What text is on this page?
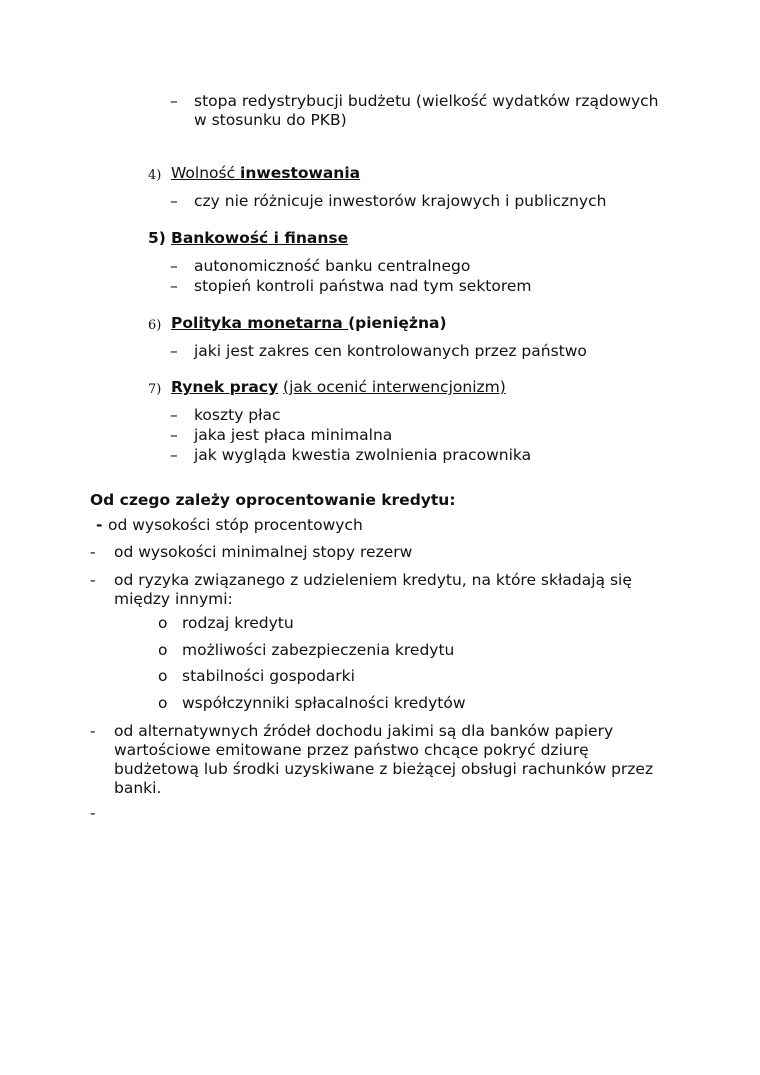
– stopa redystrybucji budżetu (wielkość wydatków rządowych w stosunku do PKB)
4) Wolność inwestowania
– czy nie różnicuje inwestorów krajowych i publicznych
5) Bankowość i finanse
– autonomiczność banku centralnego
– stopień kontroli państwa nad tym sektorem
6) Polityka monetarna (pieniężna)
– jaki jest zakres cen kontrolowanych przez państwo
7) Rynek pracy (jak ocenić interwencjonizm)
– koszty płac
– jaka jest płaca minimalna
– jak wygląda kwestia zwolnienia pracownika
Od czego zależy oprocentowanie kredytu:
- od wysokości stóp procentowych
- od wysokości minimalnej stopy rezerw
- od ryzyka związanego z udzieleniem kredytu, na które składają się między innymi:
o rodzaj kredytu
o możliwości zabezpieczenia kredytu
o stabilności gospodarki
o współczynniki spłacalności kredytów
- od alternatywnych źródeł dochodu jakimi są dla banków papiery wartościowe emitowane przez państwo chcące pokryć dziurę budżetową lub środki uzyskiwane z bieżącej obsługi rachunków przez banki.
-
